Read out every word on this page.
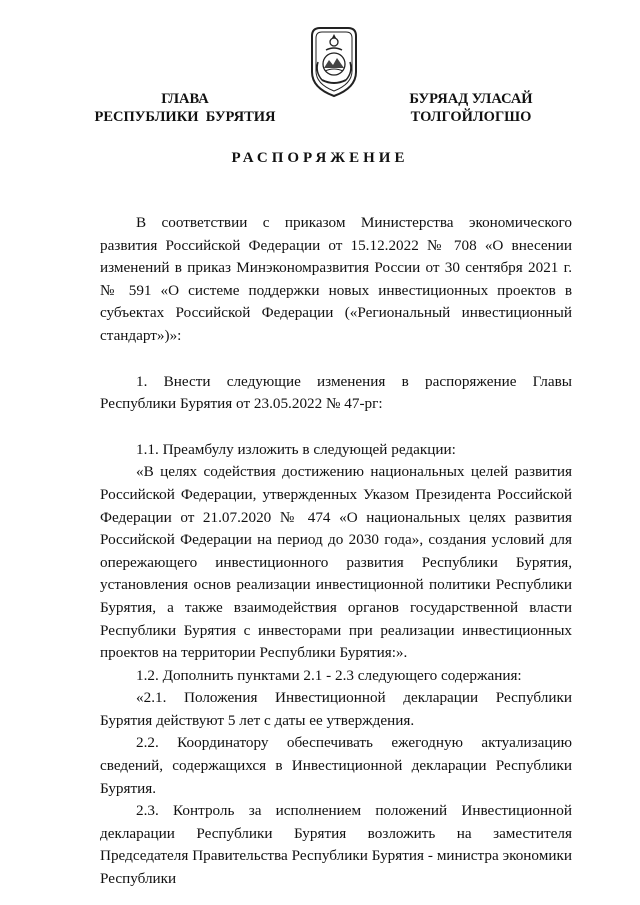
ГЛАВА
РЕСПУБЛИКИ  БУРЯТИЯ
БУРЯАД УЛАСАЙ
ТОЛГОЙЛОГШО
РАСПОРЯЖЕНИЕ

В соответствии с приказом Министерства экономического развития Российской Федерации от 15.12.2022 № 708 «О внесении изменений в приказ Минэкономразвития России от 30 сентября 2021 г. № 591 «О системе поддержки новых инвестиционных проектов в субъектах Российской Федерации («Региональный инвестиционный стандарт»)»:

1. Внести следующие изменения в распоряжение Главы Республики Бурятия от 23.05.2022 № 47-рг:

1.1. Преамбулу изложить в следующей редакции:

«В целях содействия достижению национальных целей развития Российской Федерации, утвержденных Указом Президента Российской Федерации от 21.07.2020 № 474 «О национальных целях развития Российской Федерации на период до 2030 года», создания условий для опережающего инвестиционного развития Республики Бурятия, установления основ реализации инвестиционной политики Республики Бурятия, а также взаимодействия органов государственной власти Республики Бурятия с инвесторами при реализации инвестиционных проектов на территории Республики Бурятия:».

1.2. Дополнить пунктами 2.1 - 2.3 следующего содержания:

«2.1. Положения Инвестиционной декларации Республики Бурятия действуют 5 лет с даты ее утверждения.

2.2. Координатору обеспечивать ежегодную актуализацию сведений, содержащихся в Инвестиционной декларации Республики Бурятия.

2.3. Контроль за исполнением положений Инвестиционной декларации Республики Бурятия возложить на заместителя Председателя Правительства Республики Бурятия - министра экономики Республики
